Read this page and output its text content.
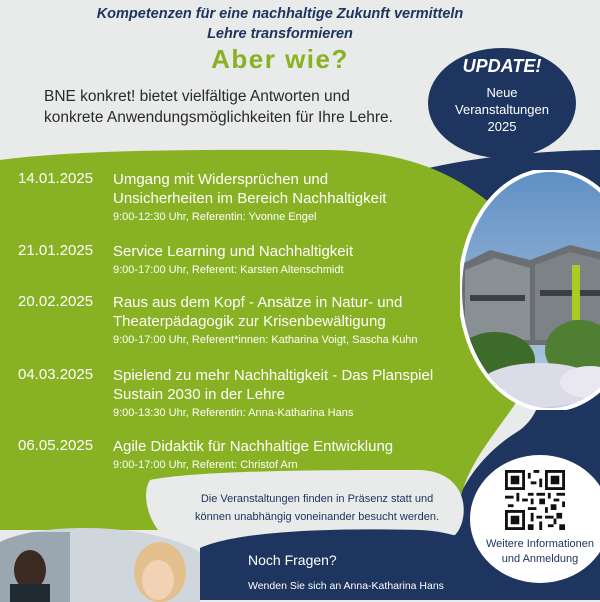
Kompetenzen für eine nachhaltige Zukunft vermitteln
Lehre transformieren
Aber wie?
BNE konkret! bietet vielfältige Antworten und
konkrete Anwendungsmöglichkeiten für Ihre Lehre.
UPDATE!
Neue
Veranstaltungen
2025
14.01.2025 Umgang mit Widersprüchen und
Unsicherheiten im Bereich Nachhaltigkeit
9:00-12:30 Uhr, Referentin: Yvonne Engel
21.01.2025 Service Learning und Nachhaltigkeit
9:00-17:00 Uhr, Referent: Karsten Altenschmidt
20.02.2025 Raus aus dem Kopf - Ansätze in Natur- und
Theaterpädagogik zur Krisenbewältigung
9:00-17:00 Uhr, Referent*innen: Katharina Voigt, Sascha Kuhn
04.03.2025 Spielend zu mehr Nachhaltigkeit - Das Planspiel
Sustain 2030 in der Lehre
9:00-13:30 Uhr, Referentin: Anna-Katharina Hans
06.05.2025 Agile Didaktik für Nachhaltige Entwicklung
9:00-17:00 Uhr, Referent: Christof Arn
Die Veranstaltungen finden in Präsenz statt und
können unabhängig voneinander besucht werden.
Weitere Informationen
und Anmeldung
Noch Fragen?
Wenden Sie sich an Anna-Katharina Hans
